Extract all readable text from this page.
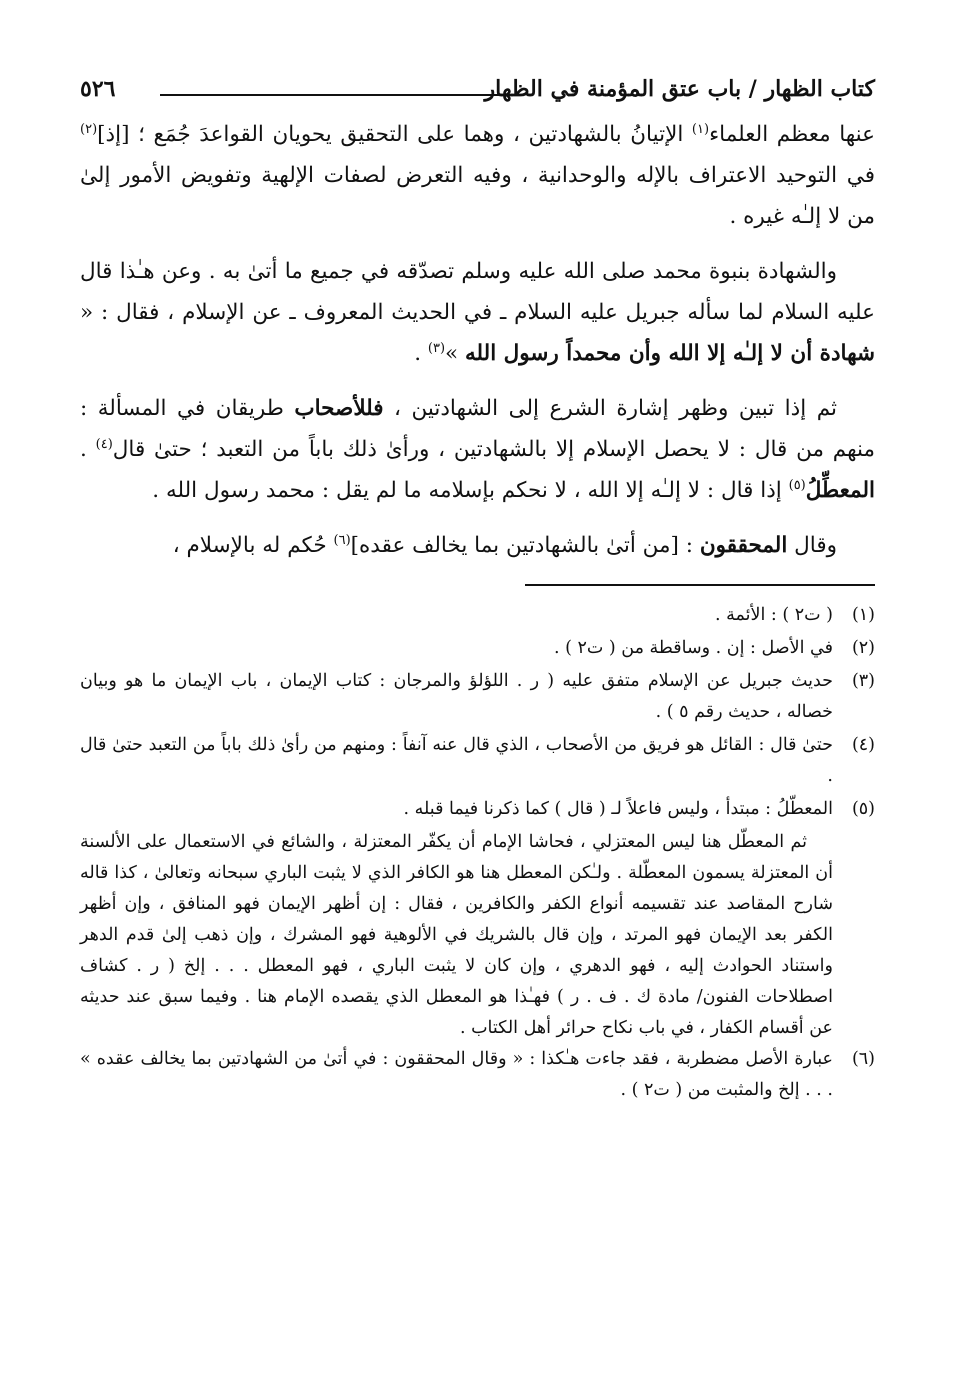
كتاب الظهار / باب عتق المؤمنة في الظهار
٥٢٦

عنها معظم العلماء$^{(١)}$ الإتيانُ بالشهادتين ، وهما على التحقيق يحويان القواعدَ جُمَع ؛ [إذ]$^{(٢)}$ في التوحيد الاعتراف بالإله والوحدانية ، وفيه التعرض لصفات الإلهية وتفويض الأمور إلىٰ من لا إلـٰه غيره .

والشهادة بنبوة محمد صلى الله عليه وسلم تصدّقه في جميع ما أتىٰ به . وعن هـٰذا قال عليه السلام لما سأله جبريل عليه السلام ـ في الحديث المعروف ـ عن الإسلام ، فقال : « شهادة أن لا إلـٰه إلا الله وأن محمداً رسول الله »$^{(٣)}$ .

ثم إذا تبين وظهر إشارة الشرع إلى الشهادتين ، فللأصحاب طريقان في المسألة : منهم من قال : لا يحصل الإسلام إلا بالشهادتين ، ورأىٰ ذلك باباً من التعبد ؛ حتىٰ قال$^{(٤)}$ . المعطِّلُ$^{(٥)}$ إذا قال : لا إلـٰه إلا الله ، لا نحكم بإسلامه ما لم يقل : محمد رسول الله .

وقال المحققون : [من أتىٰ بالشهادتين بما يخالف عقده]$^{(٦)}$ حُكم له بالإسلام ،

(١)
( ت٢ ) : الأئمة .
(٢)
في الأصل : إن . وساقطة من ( ت٢ ) .
(٣)
حديث جبريل عن الإسلام متفق عليه ( ر . اللؤلؤ والمرجان : كتاب الإيمان ، باب الإيمان ما هو وبيان خصاله ، حديث رقم ٥ ) .
(٤)
حتىٰ قال : القائل هو فريق من الأصحاب ، الذي قال عنه آنفاً : ومنهم من رأىٰ ذلك باباً من التعبد حتىٰ قال .
(٥)
المعطّلُ : مبتدأ ، وليس فاعلاً لـ ( قال ) كما ذكرنا فيما قبله .
ثم المعطّل هنا ليس المعتزلي ، فحاشا الإمام أن يكفّر المعتزلة ، والشائع في الاستعمال على الألسنة أن المعتزلة يسمون المعطّلة . ولـٰكن المعطل هنا هو الكافر الذي لا يثبت الباري سبحانه وتعالىٰ ، كذا قاله شارح المقاصد عند تقسيمه أنواع الكفر والكافرين ، فقال : إن أظهر الإيمان فهو المنافق ، وإن أظهر الكفر بعد الإيمان فهو المرتد ، وإن قال بالشريك في الألوهية فهو المشرك ، وإن ذهب إلىٰ قدم الدهر واستناد الحوادث إليه ، فهو الدهري ، وإن كان لا يثبت الباري ، فهو المعطل . . . إلخ ( ر . كشاف اصطلاحات الفنون/ مادة ك . ف . ر ) فهـٰذا هو المعطل الذي يقصده الإمام هنا . وفيما سبق عند حديثه عن أقسام الكفار ، في باب نكاح حرائر أهل الكتاب .
(٦)
عبارة الأصل مضطربة ، فقد جاءت هـٰكذا : « وقال المحققون : في أتىٰ من الشهادتين بما يخالف عقده » . . . إلخ والمثبت من ( ت٢ ) .
